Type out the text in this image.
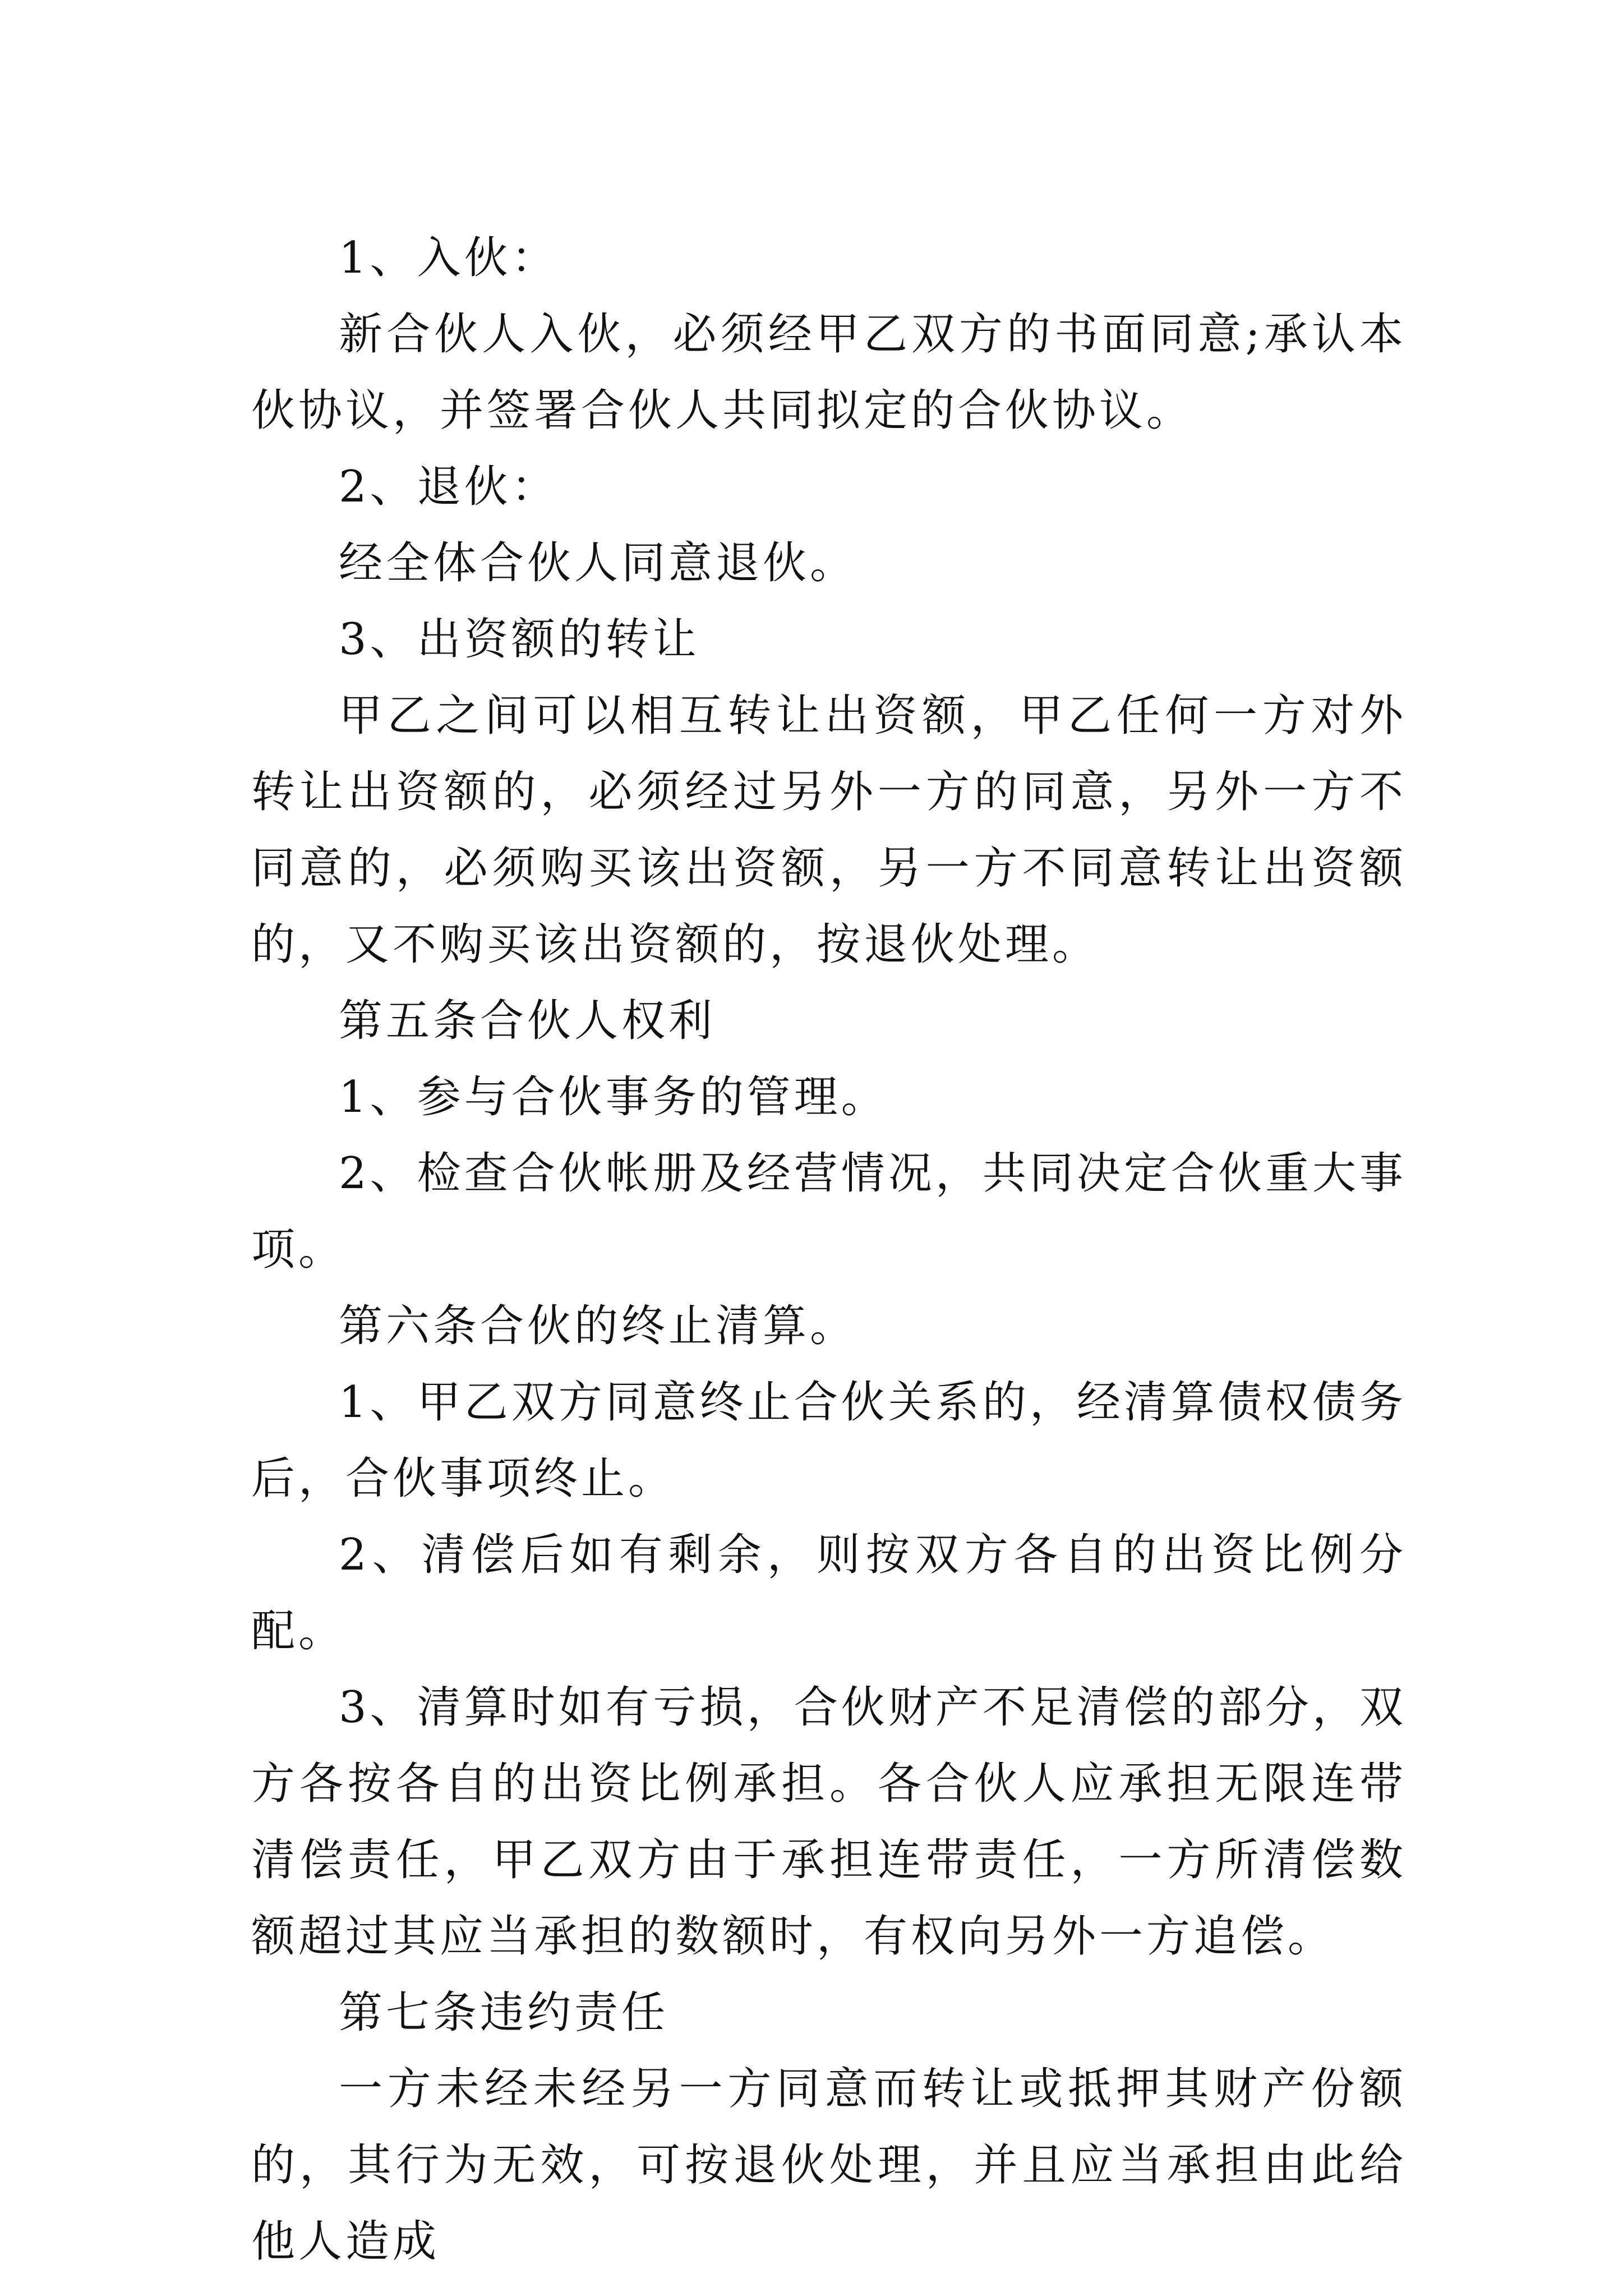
1、入伙：

新合伙人入伙，必须经甲乙双方的书面同意;承认本伙协议，并签署合伙人共同拟定的合伙协议。

2、退伙：

经全体合伙人同意退伙。

3、出资额的转让

甲乙之间可以相互转让出资额，甲乙任何一方对外转让出资额的，必须经过另外一方的同意，另外一方不同意的，必须购买该出资额，另一方不同意转让出资额的，又不购买该出资额的，按退伙处理。

第五条合伙人权利

1、参与合伙事务的管理。

2、检查合伙帐册及经营情况，共同决定合伙重大事项。

第六条合伙的终止清算。

1、甲乙双方同意终止合伙关系的，经清算债权债务后，合伙事项终止。

2、清偿后如有剩余，则按双方各自的出资比例分配。

3、清算时如有亏损，合伙财产不足清偿的部分，双方各按各自的出资比例承担。各合伙人应承担无限连带清偿责任，甲乙双方由于承担连带责任，一方所清偿数额超过其应当承担的数额时，有权向另外一方追偿。

第七条违约责任

一方未经未经另一方同意而转让或抵押其财产份额的，其行为无效，可按退伙处理，并且应当承担由此给他人造成
